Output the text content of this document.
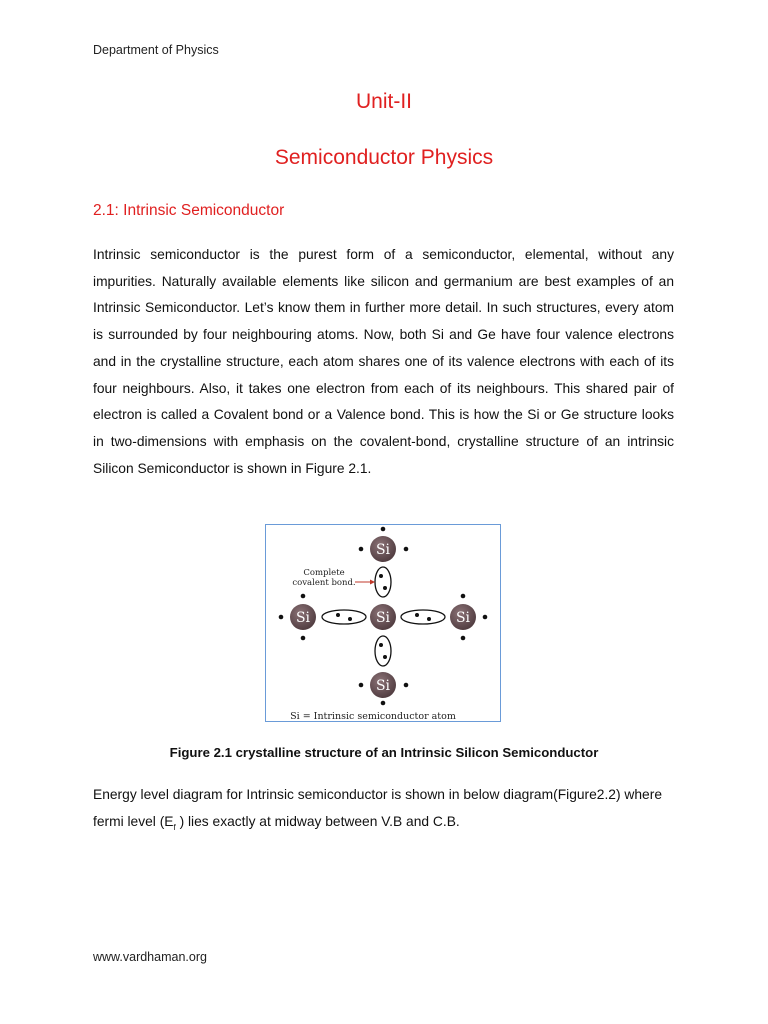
Department of Physics
Unit-II
Semiconductor Physics
2.1: Intrinsic Semiconductor

Intrinsic semiconductor is the purest form of a semiconductor, elemental, without any impurities. Naturally available elements like silicon and germanium are best examples of an Intrinsic Semiconductor. Let’s know them in further more detail. In such structures, every atom is surrounded by four neighbouring atoms. Now, both Si and Ge have four valence electrons and in the crystalline structure, each atom shares one of its valence electrons with each of its four neighbours. Also, it takes one electron from each of its neighbours. This shared pair of electron is called a Covalent bond or a Valence bond. This is how the Si or Ge structure looks in two-dimensions with emphasis on the covalent-bond, crystalline structure of an intrinsic Silicon Semiconductor is shown in Figure 2.1.

Si
Si	Si	Si
Si
Complete
covalent bond.
Si = Intrinsic semiconductor atom

Figure 2.1 crystalline structure of an Intrinsic Silicon Semiconductor

Energy level diagram for Intrinsic semiconductor is shown in below diagram(Figure2.2) where fermi level ($E_f$ ) lies exactly at midway between V.B and C.B.

www.vardhaman.org
